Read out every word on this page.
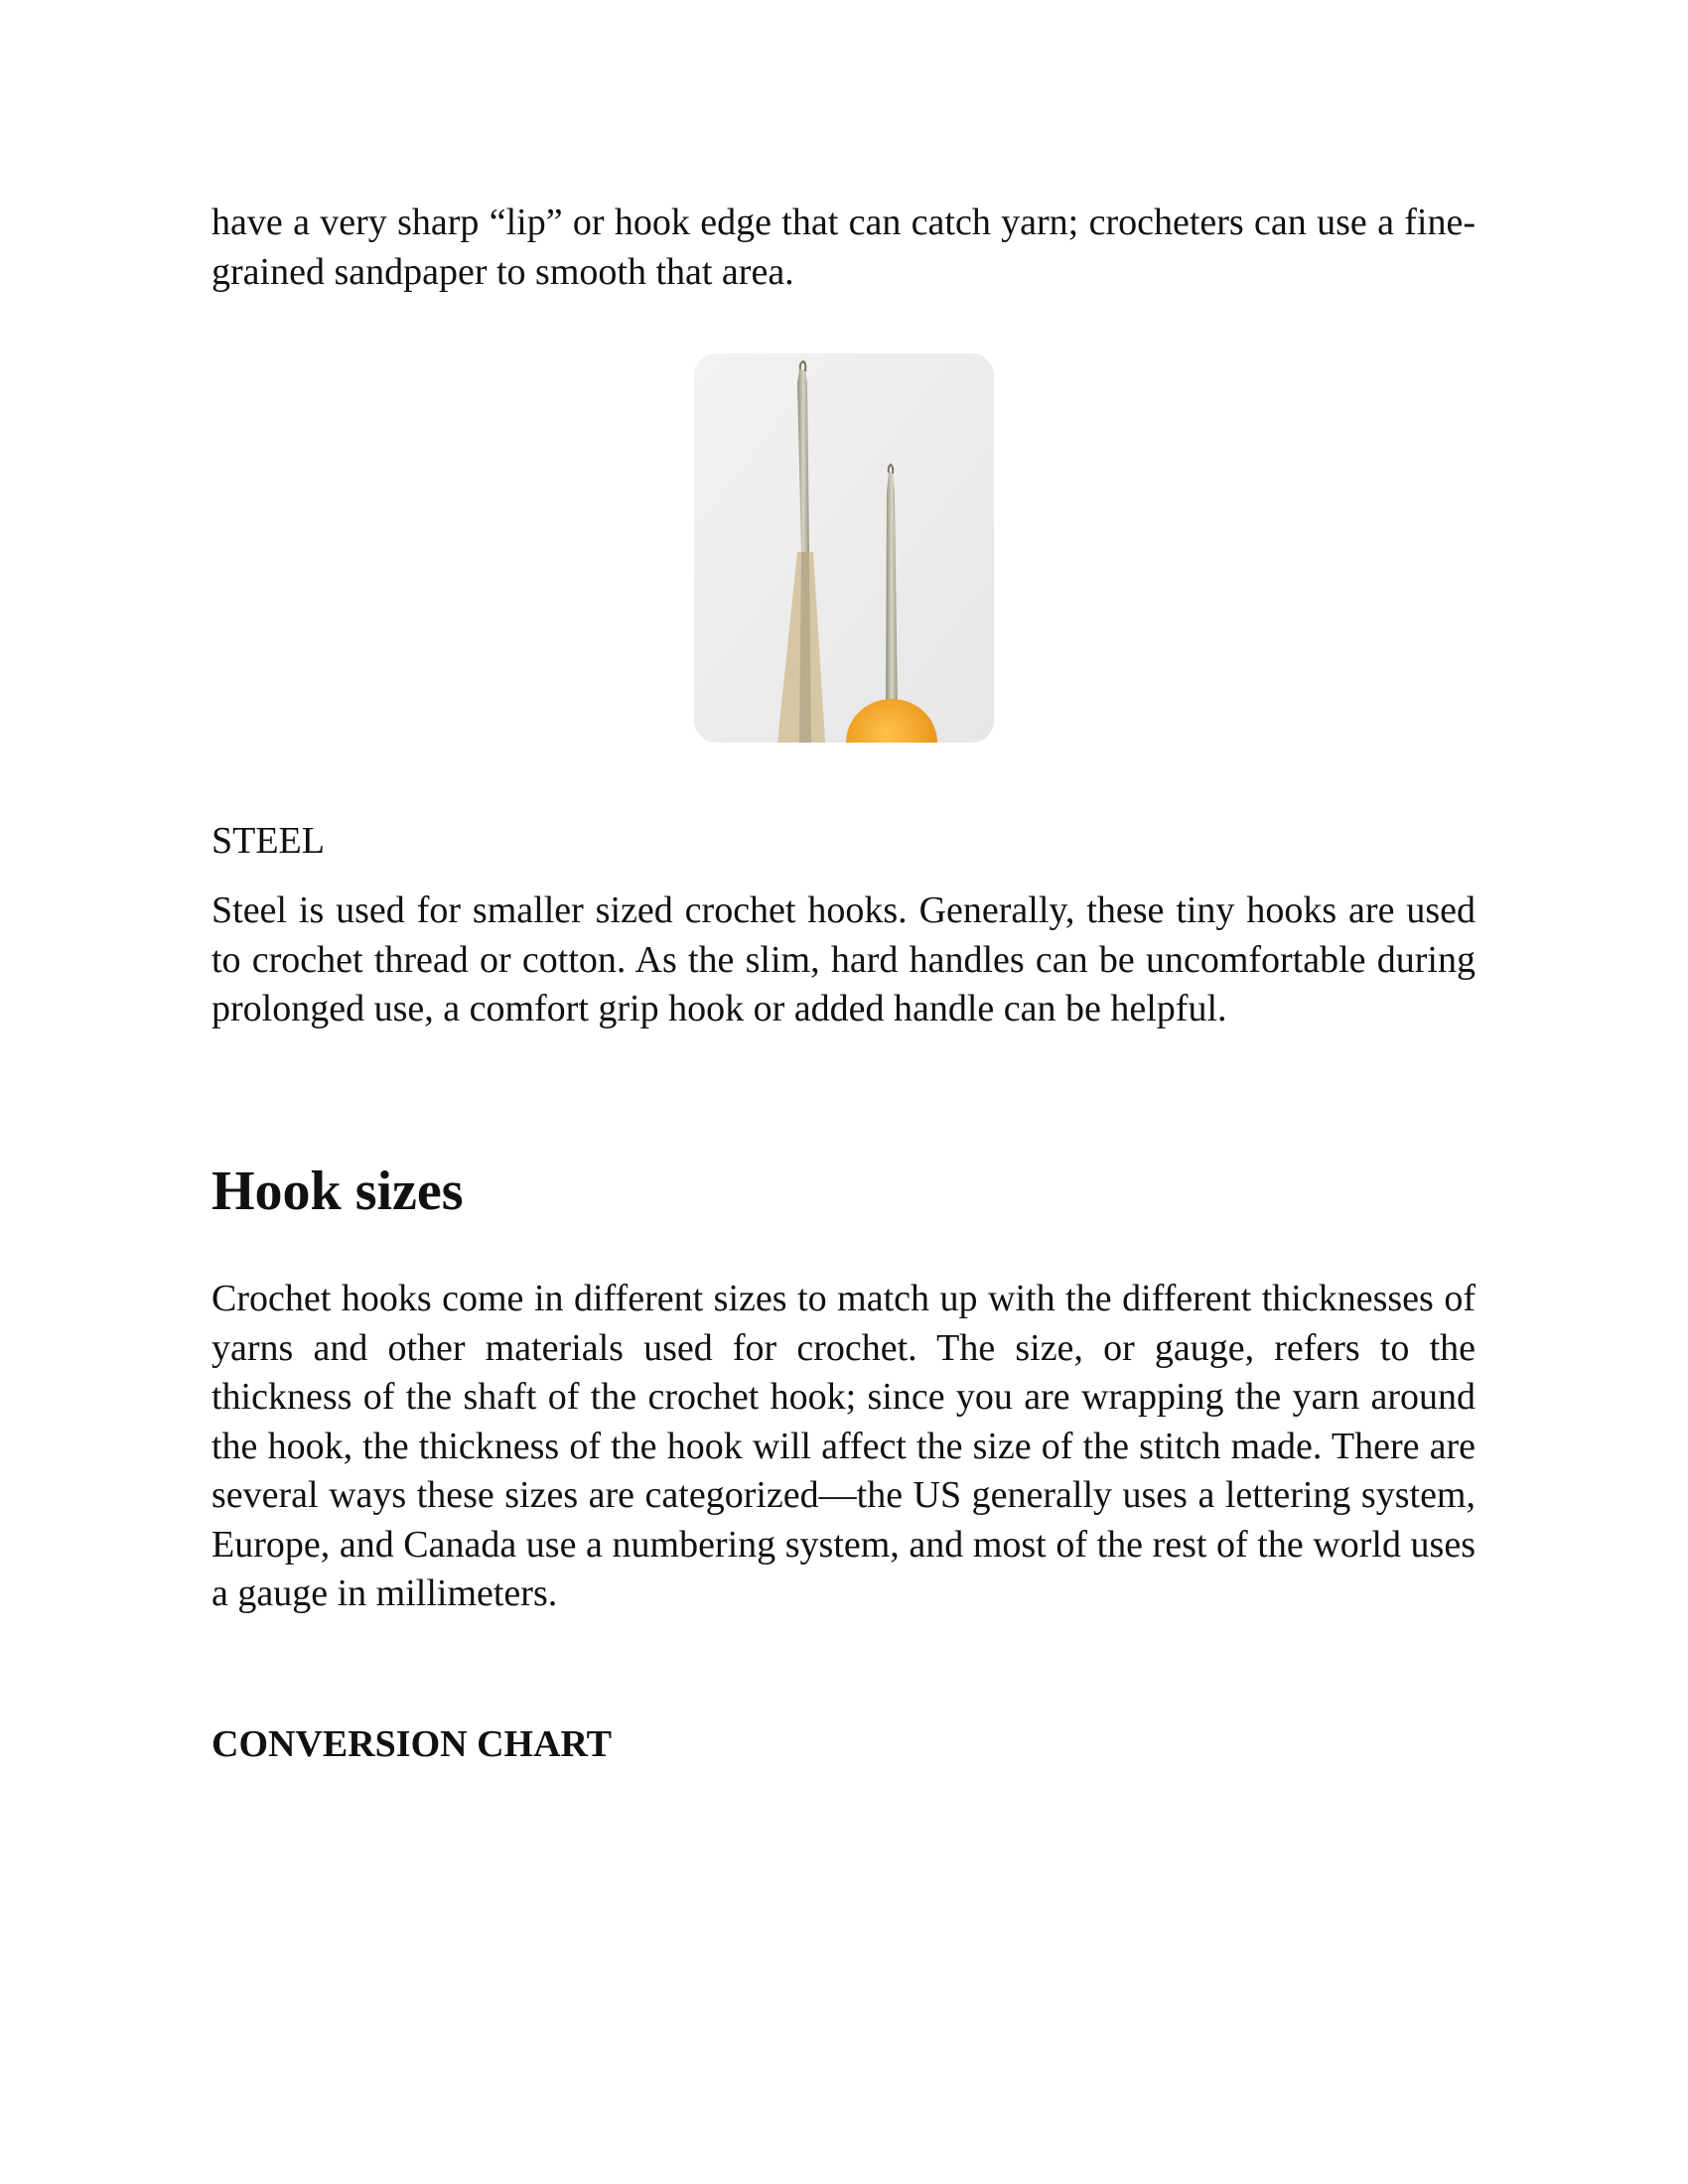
have a very sharp “lip” or hook edge that can catch yarn; crocheters can use a fine-grained sandpaper to smooth that area.

STEEL

Steel is used for smaller sized crochet hooks. Generally, these tiny hooks are used to crochet thread or cotton. As the slim, hard handles can be uncomfortable during prolonged use, a comfort grip hook or added handle can be helpful.

Hook sizes

Crochet hooks come in different sizes to match up with the different thicknesses of yarns and other materials used for crochet. The size, or gauge, refers to the thickness of the shaft of the crochet hook; since you are wrapping the yarn around the hook, the thickness of the hook will affect the size of the stitch made. There are several ways these sizes are categorized—the US generally uses a lettering system, Europe, and Canada use a numbering system, and most of the rest of the world uses a gauge in millimeters.

CONVERSION CHART
